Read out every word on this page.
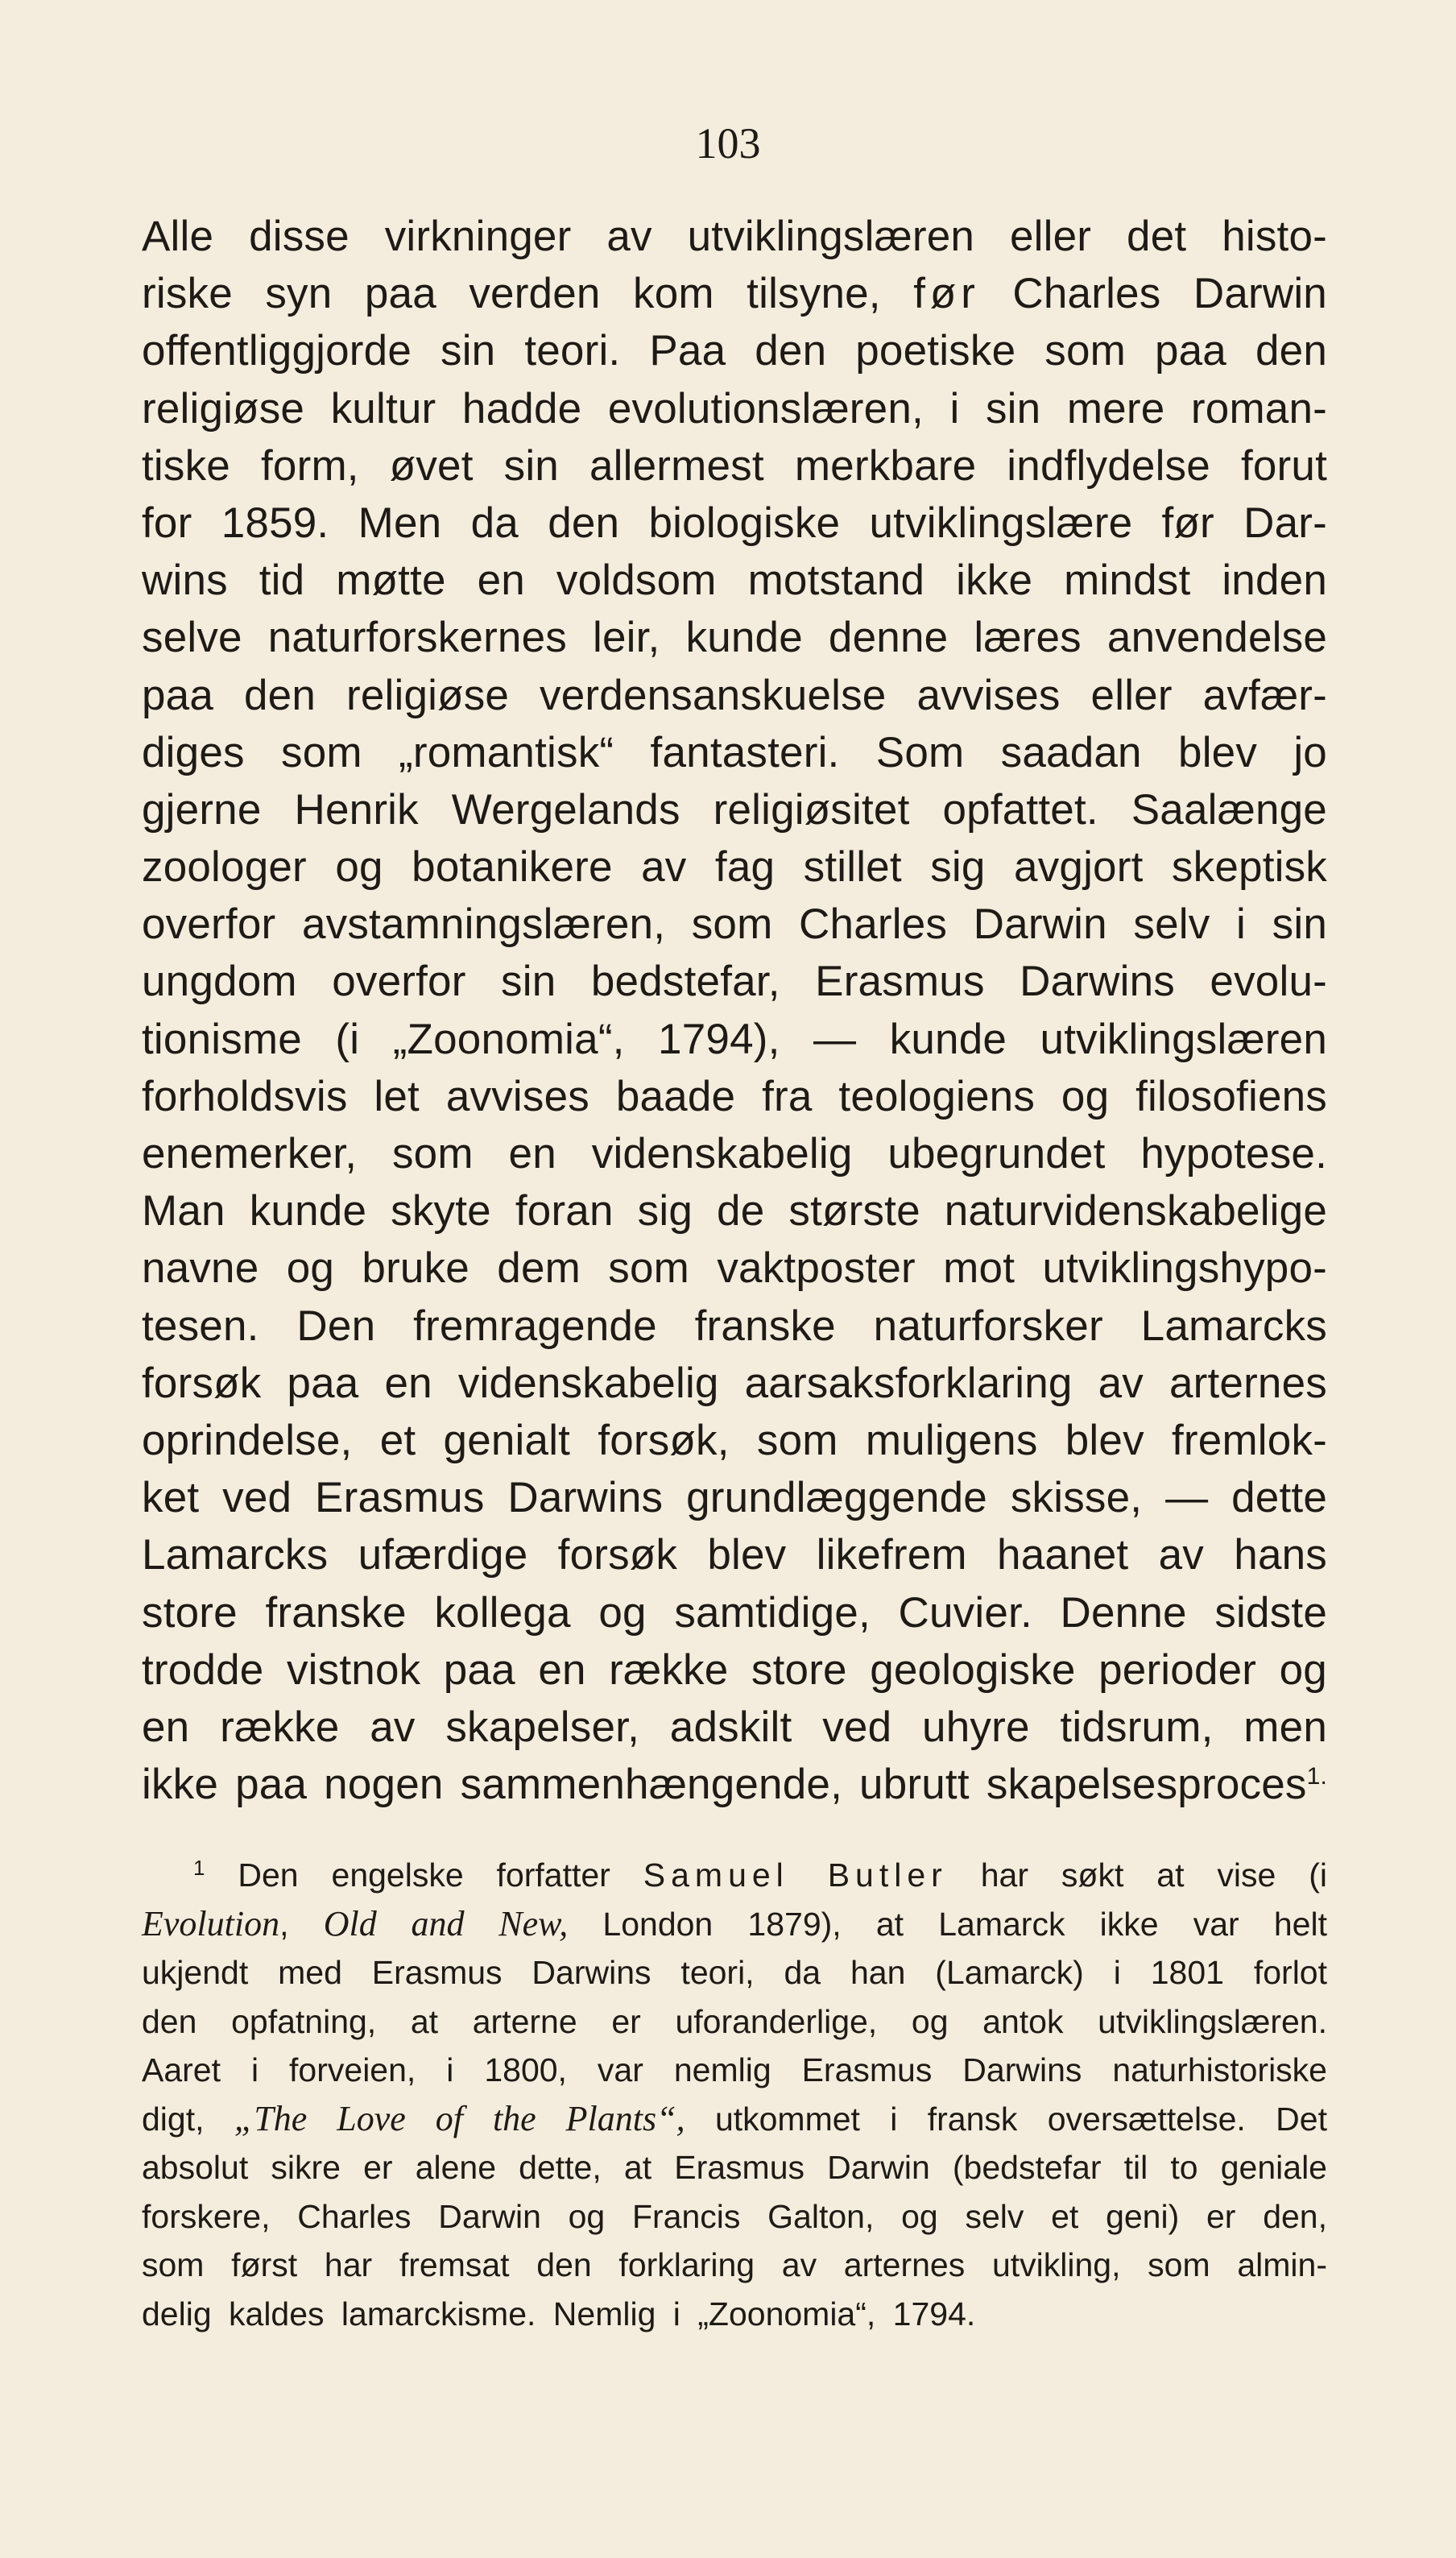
103
Alle disse virkninger av utviklingslæren eller det histo-
riske syn paa verden kom tilsyne, før Charles Darwin
offentliggjorde sin teori. Paa den poetiske som paa den
religiøse kultur hadde evolutionslæren, i sin mere roman-
tiske form, øvet sin allermest merkbare indflydelse forut
for 1859. Men da den biologiske utviklingslære før Dar-
wins tid møtte en voldsom motstand ikke mindst inden
selve naturforskernes leir, kunde denne læres anvendelse
paa den religiøse verdensanskuelse avvises eller avfær-
diges som „romantisk“ fantasteri. Som saadan blev jo
gjerne Henrik Wergelands religiøsitet opfattet. Saalænge
zoologer og botanikere av fag stillet sig avgjort skeptisk
overfor avstamningslæren, som Charles Darwin selv i sin
ungdom overfor sin bedstefar, Erasmus Darwins evolu-
tionisme (i „Zoonomia“, 1794), — kunde utviklingslæren
forholdsvis let avvises baade fra teologiens og filosofiens
enemerker, som en videnskabelig ubegrundet hypotese.
Man kunde skyte foran sig de største naturvidenskabelige
navne og bruke dem som vaktposter mot utviklingshypo-
tesen. Den fremragende franske naturforsker Lamarcks
forsøk paa en videnskabelig aarsaksforklaring av arternes
oprindelse, et genialt forsøk, som muligens blev fremlok-
ket ved Erasmus Darwins grundlæggende skisse, — dette
Lamarcks ufærdige forsøk blev likefrem haanet av hans
store franske kollega og samtidige, Cuvier. Denne sidste
trodde vistnok paa en række store geologiske perioder og
en række av skapelser, adskilt ved uhyre tidsrum, men
ikke paa nogen sammenhængende, ubrutt skapelsesproces$^{1.}$
$^1$ Den engelske forfatter Samuel Butler har søkt at vise (i
Evolution, Old and New, London 1879), at Lamarck ikke var helt
ukjendt med Erasmus Darwins teori, da han (Lamarck) i 1801 forlot
den opfatning, at arterne er uforanderlige, og antok utviklingslæren.
Aaret i forveien, i 1800, var nemlig Erasmus Darwins naturhistoriske
digt, „The Love of the Plants“, utkommet i fransk oversættelse. Det
absolut sikre er alene dette, at Erasmus Darwin (bedstefar til to geniale
forskere, Charles Darwin og Francis Galton, og selv et geni) er den,
som først har fremsat den forklaring av arternes utvikling, som almin-
delig kaldes lamarckisme. Nemlig i „Zoonomia“, 1794.
